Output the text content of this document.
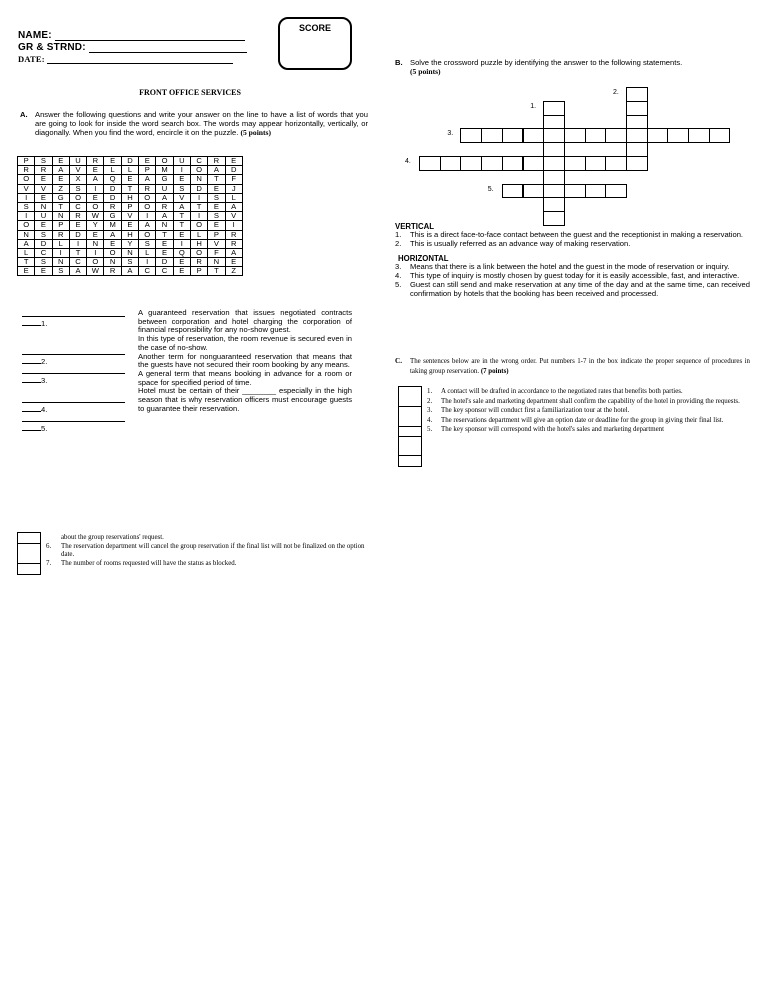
NAME:
GR & STRND:
DATE:
SCORE
FRONT OFFICE SERVICES
A. Answer the following questions and write your answer on the line to have a list of words that you are going to look for inside the word search box. The words may appear horizontally, vertically, or diagonally. When you find the word, encircle it on the puzzle. (5 points)
P	S	E	U	R	E	D	E	O	U	C	R	E
R	R	A	V	E	L	L	P	M	I	O	A	D
O	E	E	X	A	Q	E	A	G	E	N	T	F
V	V	Z	S	I	D	T	R	U	S	D	E	J
I	E	G	O	E	D	H	O	A	V	I	S	L
S	N	T	C	O	R	P	O	R	A	T	E	A
I	U	N	R	W	G	V	I	A	T	I	S	V
O	E	P	E	Y	M	E	A	N	T	O	E	I
N	S	R	D	E	A	H	O	T	E	L	P	R
A	D	L	I	N	E	Y	S	E	I	H	V	R
L	C	I	T	I	O	N	L	E	Q	O	F	A
T	S	N	C	O	N	S	I	D	E	R	N	E
E	E	S	A	W	R	A	C	C	E	P	T	Z
1.
2.
3.
4.
5.
A guaranteed reservation that issues negotiated contracts between corporation and hotel charging the corporation of financial responsibility for any no-show guest.
In this type of reservation, the room revenue is secured even in the case of no-show.
Another term for nonguaranteed reservation that means that the guests have not secured their room booking by any means.
A general term that means booking in advance for a room or space for specified period of time.
Hotel must be certain of their ________ especially in the high season that is why reservation officers must encourage guests to guarantee their reservation.
about the group reservations' request.
6. The reservation department will cancel the group reservation if the final list will not be finalized on the option date.
7. The number of rooms requested will have the status as blocked.
B. Solve the crossword puzzle by identifying the answer to the following statements.
(5 points)
1.
2.
3.
4.
5.
VERTICAL
1. This is a direct face-to-face contact between the guest and the receptionist in making a reservation.
2. This is usually referred as an advance way of making reservation.
HORIZONTAL
3. Means that there is a link between the hotel and the guest in the mode of reservation or inquiry.
4. This type of inquiry is mostly chosen by guest today for it is easily accessible, fast, and interactive.
5. Guest can still send and make reservation at any time of the day and at the same time, can received confirmation by hotels that the booking has been received and processed.
C.	The sentences below are in the wrong order. Put numbers 1-7 in the box indicate the proper sequence of procedures in taking group reservation. (7 points)
1. A contact will be drafted in accordance to the negotiated rates that benefits both parties.
2. The hotel's sale and marketing department shall confirm the capability of the hotel in providing the requests.
3. The key sponsor will conduct first a familiarization tour at the hotel.
4. The reservations department will give an option date or deadline for the group in giving their final list.
5. The key sponsor will correspond with the hotel's sales and marketing department
